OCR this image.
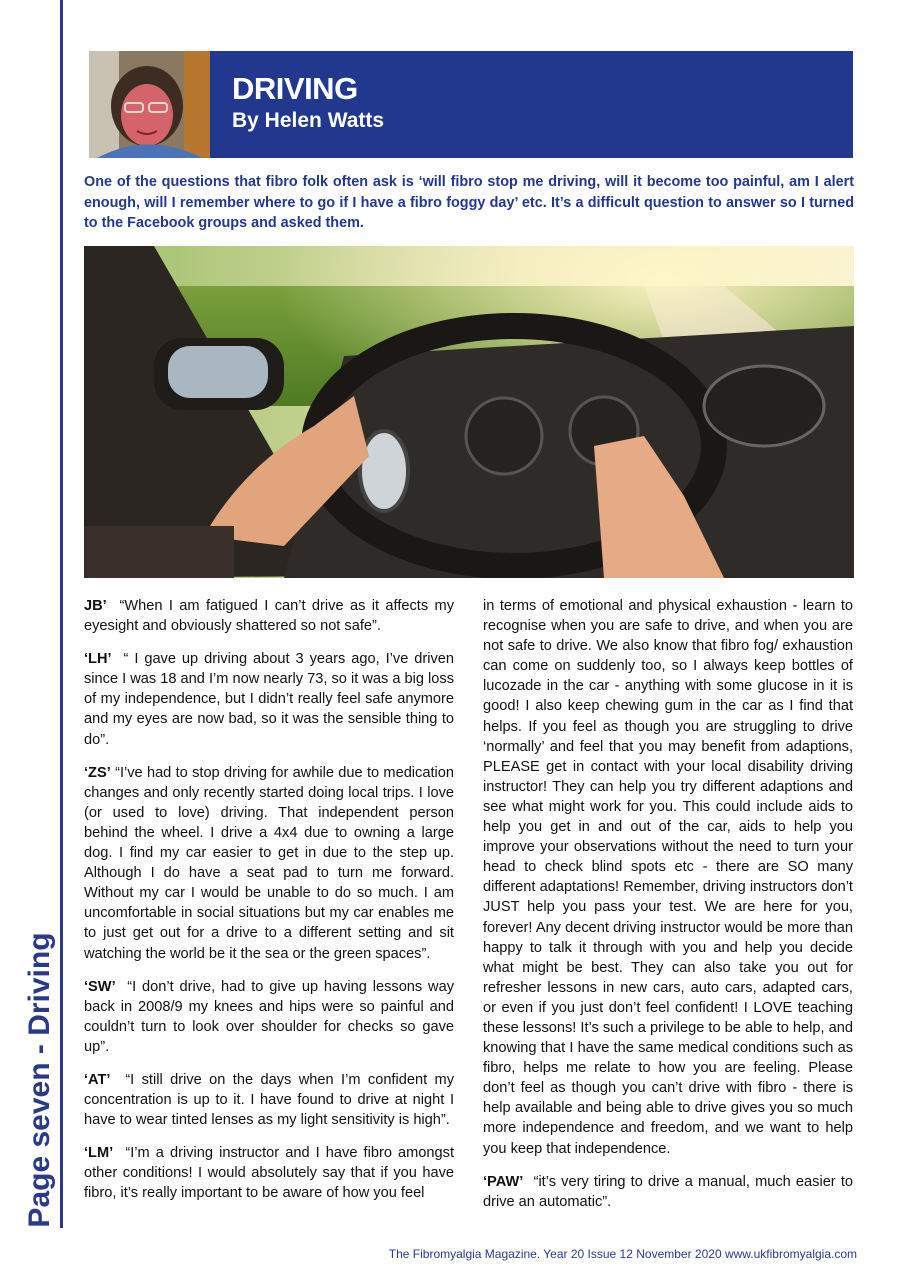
Page seven - Driving
DRIVING
By Helen Watts

One of the questions that fibro folk often ask is ‘will fibro stop me driving, will it become too painful, am I alert enough, will I remember where to go if I have a fibro foggy day’ etc. It’s a difficult question to answer so I turned to the Facebook groups and asked them.

JB’ “When I am fatigued I can’t drive as it affects my eyesight and obviously shattered so not safe”.

‘LH’ “ I gave up driving about 3 years ago, I’ve driven since I was 18 and I’m now nearly 73, so it was a big loss of my independence, but I didn’t really feel safe anymore and my eyes are now bad, so it was the sensible thing to do”.

‘ZS’ “I’ve had to stop driving for awhile due to medication changes and only recently started doing local trips. I love (or used to love) driving. That independent person behind the wheel. I drive a 4x4 due to owning a large dog. I find my car easier to get in due to the step up. Although I do have a seat pad to turn me forward. Without my car I would be unable to do so much. I am uncomfortable in social situations but my car enables me to just get out for a drive to a different setting and sit watching the world be it the sea or the green spaces”.

‘SW’ “I don’t drive, had to give up having lessons way back in 2008/9 my knees and hips were so painful and couldn’t turn to look over shoulder for checks so gave up”.

‘AT’ “I still drive on the days when I’m confident my concentration is up to it. I have found to drive at night I have to wear tinted lenses as my light sensitivity is high”.

‘LM’ “I’m a driving instructor and I have fibro amongst other conditions! I would absolutely say that if you have fibro, it’s really important to be aware of how you feel

in terms of emotional and physical exhaustion - learn to recognise when you are safe to drive, and when you are not safe to drive. We also know that fibro fog/ exhaustion can come on suddenly too, so I always keep bottles of lucozade in the car - anything with some glucose in it is good! I also keep chewing gum in the car as I find that helps. If you feel as though you are struggling to drive ‘normally’ and feel that you may benefit from adaptions, PLEASE get in contact with your local disability driving instructor! They can help you try different adaptions and see what might work for you. This could include aids to help you get in and out of the car, aids to help you improve your observations without the need to turn your head to check blind spots etc - there are SO many different adaptations! Remember, driving instructors don’t JUST help you pass your test. We are here for you, forever! Any decent driving instructor would be more than happy to talk it through with you and help you decide what might be best. They can also take you out for refresher lessons in new cars, auto cars, adapted cars, or even if you just don’t feel confident! I LOVE teaching these lessons! It’s such a privilege to be able to help, and knowing that I have the same medical conditions such as fibro, helps me relate to how you are feeling. Please don’t feel as though you can’t drive with fibro - there is help available and being able to drive gives you so much more independence and freedom, and we want to help you keep that independence.

‘PAW’ “it’s very tiring to drive a manual, much easier to drive an automatic”.

The Fibromyalgia Magazine. Year 20 Issue 12 November 2020 www.ukfibromyalgia.com
